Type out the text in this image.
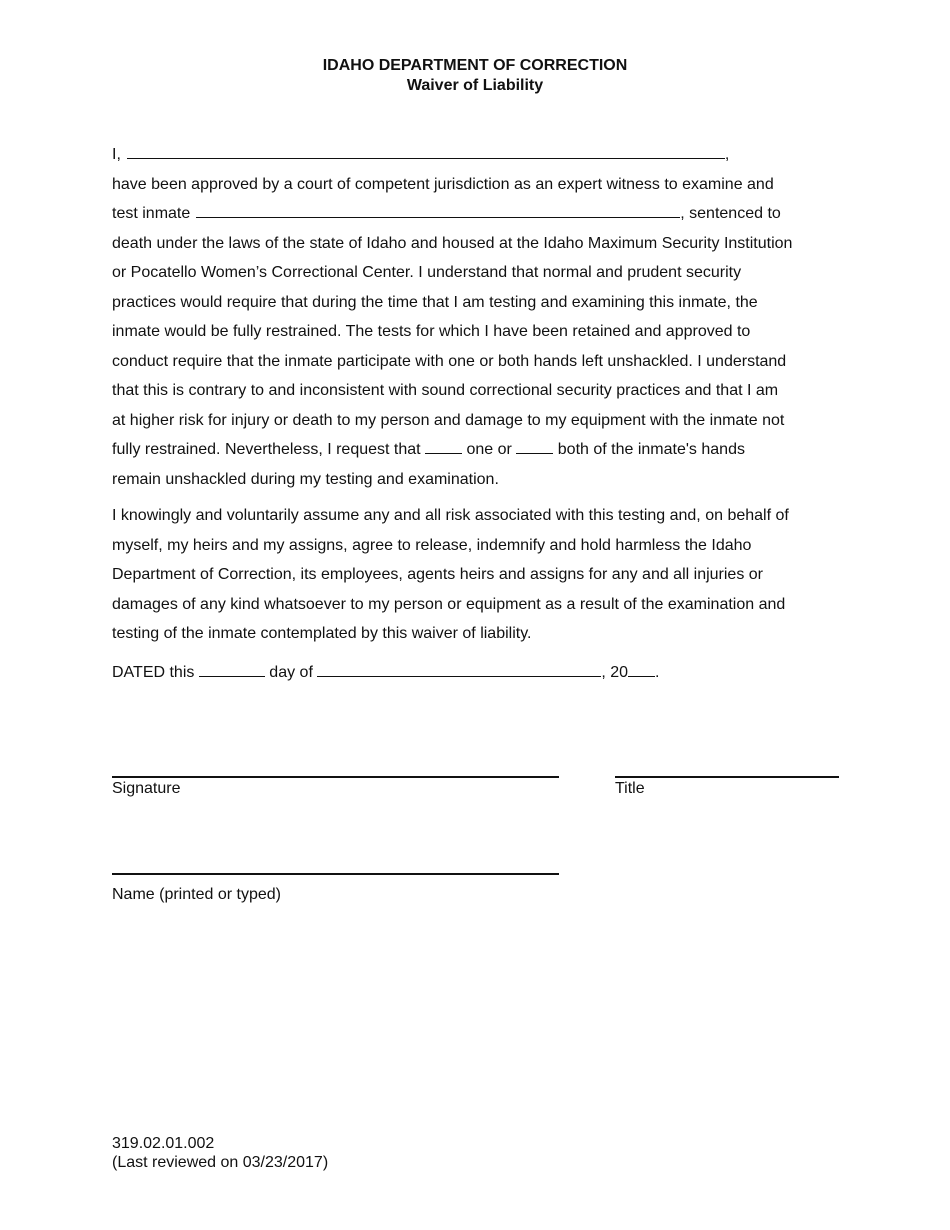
IDAHO DEPARTMENT OF CORRECTION
Waiver of Liability
I,	,
have been approved by a court of competent jurisdiction as an expert witness to examine and
test inmate	, sentenced to
death under the laws of the state of Idaho and housed at the Idaho Maximum Security Institution
or Pocatello Women’s Correctional Center. I understand that normal and prudent security
practices would require that during the time that I am testing and examining this inmate, the
inmate would be fully restrained. The tests for which I have been retained and approved to
conduct require that the inmate participate with one or both hands left unshackled. I understand
that this is contrary to and inconsistent with sound correctional security practices and that I am
at higher risk for injury or death to my person and damage to my equipment with the inmate not
fully restrained. Nevertheless, I request that	one or	both of the inmate's hands
remain unshackled during my testing and examination.
I knowingly and voluntarily assume any and all risk associated with this testing and, on behalf of
myself, my heirs and my assigns, agree to release, indemnify and hold harmless the Idaho
Department of Correction, its employees, agents heirs and assigns for any and all injuries or
damages of any kind whatsoever to my person or equipment as a result of the examination and
testing of the inmate contemplated by this waiver of liability.
DATED this	day of	, 20 .
Signature	Title
Name (printed or typed)
319.02.01.002
(Last reviewed on 03/23/2017)
